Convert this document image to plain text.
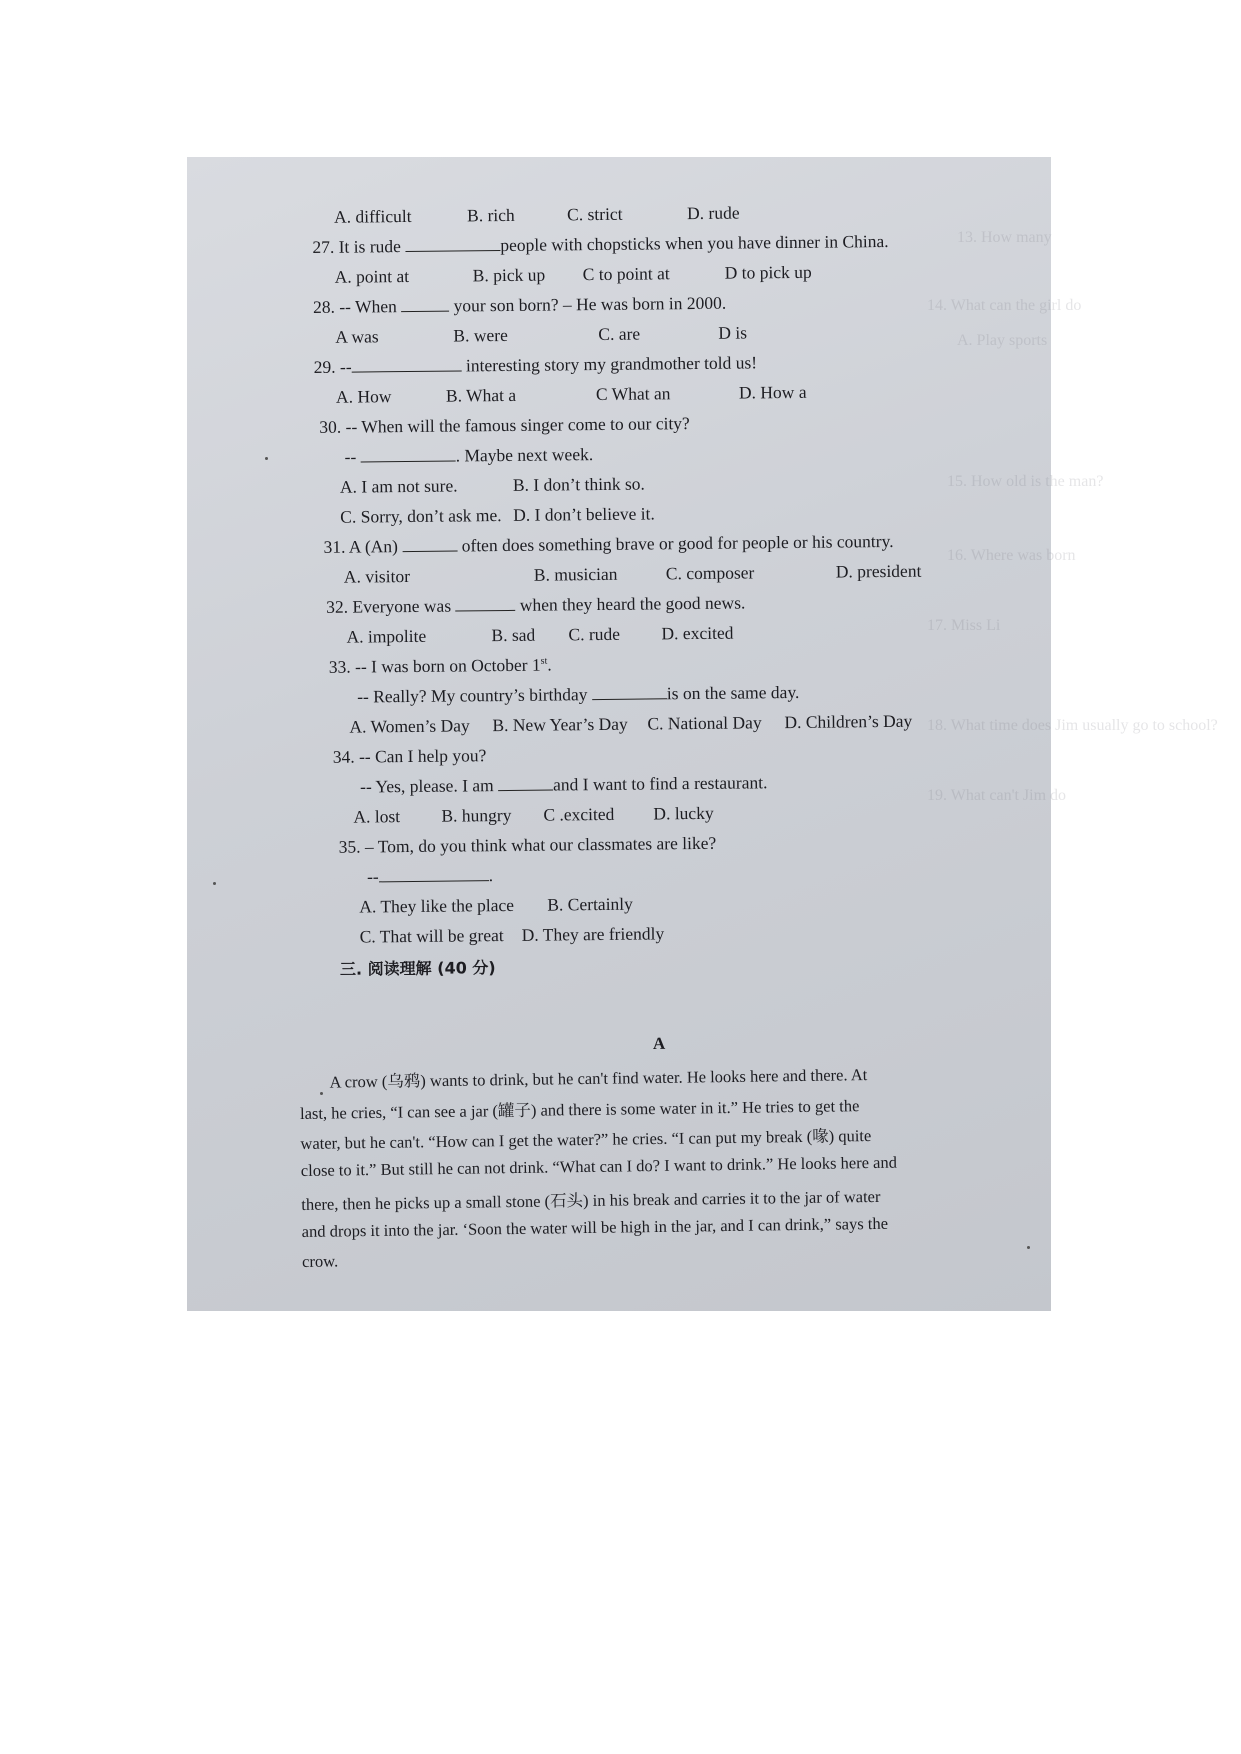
13. How many
14. What can the girl do
A. Play sports
15. How old is the man?
16. Where was born
17. Miss Li
18. What time does Jim usually go to school?
19. What can't Jim do
A. difficult	B. rich	C. strict	D. rude
27. It is rude	people with chopsticks when you have dinner in China.
A. point at	B. pick up C to point at	D to pick up
28. -- When	your son born? – He was born in 2000.
A was	B. were	C. are	D is
29. --	interesting story my grandmother told us!
A. How	B. What a	C What an	D. How a
30. -- When will the famous singer come to our city?
--	. Maybe next week.
A. I am not sure.	B. I don’t think so.
C. Sorry, don’t ask me. D. I don’t believe it.
31. A (An)	often does something brave or good for people or his country.
A. visitor	B. musician	C. composer	D. president
32. Everyone was	when they heard the good news.
A. impolite	B. sad C. rude D. excited
33. -- I was born on October 1st.
-- Really? My country’s birthday	is on the same day.
A. Women’s Day B. New Year’s Day C. National Day D. Children’s Day
34. -- Can I help you?
-- Yes, please. I am	and I want to find a restaurant.
A. lost B. hungry C .excited D. lucky
35. – Tom, do you think what our classmates are like?
--	.
A. They like the place B. Certainly
C. That will be great D. They are friendly
三. 阅读理解 (40 分)
A
A crow (乌鸦) wants to drink, but he can't find water. He looks here and there. At
last, he cries, “I can see a jar (罐子) and there is some water in it.” He tries to get the
water, but he can't. “How can I get the water?” he cries. “I can put my break (喙) quite
close to it.” But still he can not drink. “What can I do? I want to drink.” He looks here and
there, then he picks up a small stone (石头) in his break and carries it to the jar of water
and drops it into the jar. ‘Soon the water will be high in the jar, and I can drink,” says the
crow.
